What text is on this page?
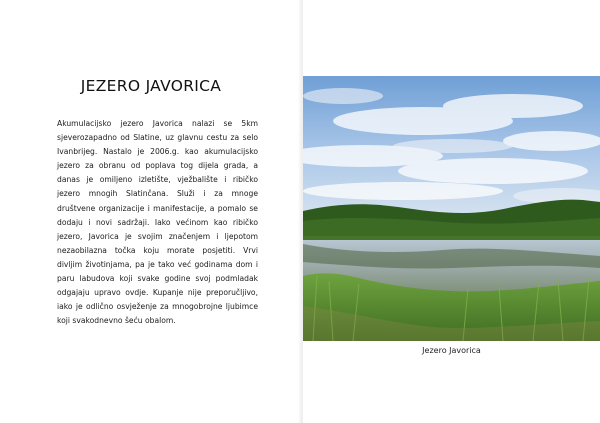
JEZERO JAVORICA

Akumulacijsko jezero Javorica nalazi se 5km sjeverozapadno od Slatine, uz glavnu cestu za selo Ivanbrijeg. Nastalo je 2006.g. kao akumulacijsko jezero za obranu od poplava tog dijela grada, a danas je omiljeno izletište, vježbalište i ribičko jezero mnogih Slatinčana. Služi i za mnoge društvene organizacije i manifestacije, a pomalo se dodaju i novi sadržaji. Iako većinom kao ribičko jezero, Javorica je svojim značenjem i ljepotom nezaobilazna točka koju morate posjetiti. Vrvi divljim životinjama, pa je tako već godinama dom i paru labudova koji svake godine svoj podmladak odgajaju upravo ovdje. Kupanje nije preporučljivo, iako je odlično osvježenje za mnogobrojne ljubimce koji svakodnevno šeću obalom.

Jezero Javorica
